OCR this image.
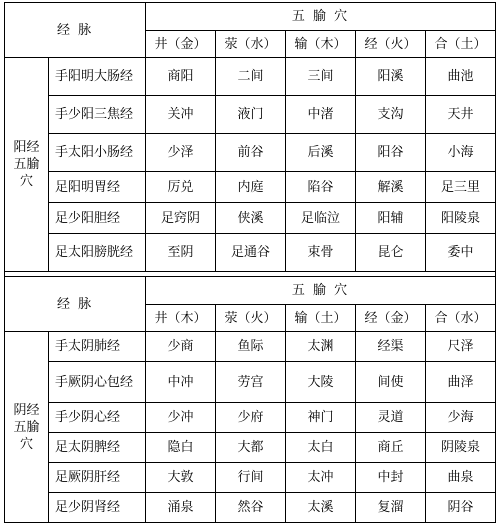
经 脉		五 腧 穴				
		井（金）	荥（水）	输（木）	经（火）	合（土）
阳经
五腧
穴	手阳明大肠经	商阳	二间	三间	阳溪	曲池
	手少阳三焦经	关冲	液门	中渚	支沟	天井
	手太阳小肠经	少泽	前谷	后溪	阳谷	小海
	足阳明胃经	厉兑	内庭	陷谷	解溪	足三里
	足少阳胆经	足窍阴	侠溪	足临泣	阳辅	阳陵泉
	足太阳膀胱经	至阴	足通谷	束骨	昆仑	委中

经 脉		五 腧 穴				
		井（木）	荥（火）	输（土）	经（金）	合（水）
阴经
五腧
穴	手太阴肺经	少商	鱼际	太渊	经渠	尺泽
	手厥阴心包经	中冲	劳宫	大陵	间使	曲泽
	手少阴心经	少冲	少府	神门	灵道	少海
	足太阴脾经	隐白	大都	太白	商丘	阴陵泉
	足厥阴肝经	大敦	行间	太冲	中封	曲泉
	足少阴肾经	涌泉	然谷	太溪	复溜	阴谷
